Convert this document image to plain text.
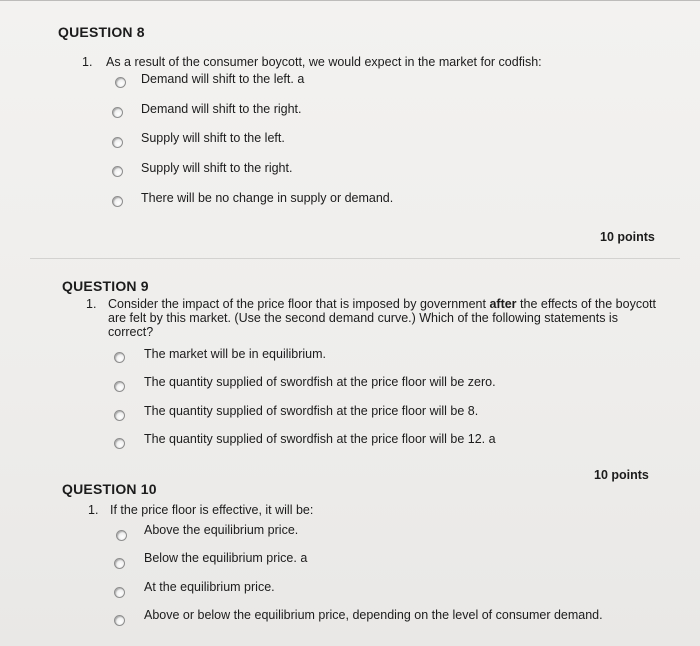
QUESTION 8
1. As a result of the consumer boycott, we would expect in the market for codfish:
Demand will shift to the left. a
Demand will shift to the right.
Supply will shift to the left.
Supply will shift to the right.
There will be no change in supply or demand.
10 points
QUESTION 9
1. Consider the impact of the price floor that is imposed by government after the effects of the boycott
are felt by this market. (Use the second demand curve.) Which of the following statements is
correct?
The market will be in equilibrium.
The quantity supplied of swordfish at the price floor will be zero.
The quantity supplied of swordfish at the price floor will be 8.
The quantity supplied of swordfish at the price floor will be 12. a
10 points
QUESTION 10
1. If the price floor is effective, it will be:
Above the equilibrium price.
Below the equilibrium price. a
At the equilibrium price.
Above or below the equilibrium price, depending on the level of consumer demand.
